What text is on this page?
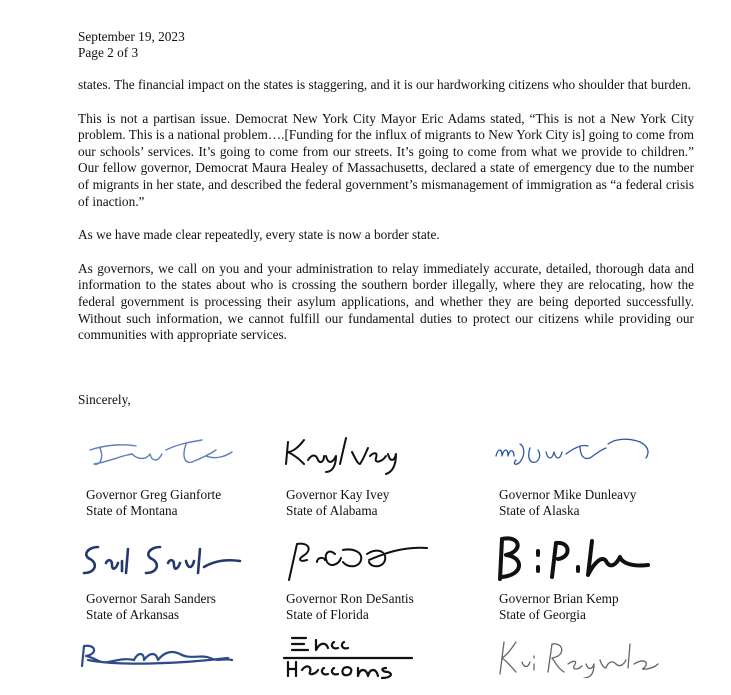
September 19, 2023
Page 2 of 3

states. The financial impact on the states is staggering, and it is our hardworking citizens who shoulder that burden.

This is not a partisan issue. Democrat New York City Mayor Eric Adams stated, “This is not a New York City problem. This is a national problem….[Funding for the influx of migrants to New York City is] going to come from our schools’ services. It’s going to come from our streets. It’s going to come from what we provide to children.” Our fellow governor, Democrat Maura Healey of Massachusetts, declared a state of emergency due to the number of migrants in her state, and described the federal government’s mismanagement of immigration as “a federal crisis of inaction.”

As we have made clear repeatedly, every state is now a border state.

As governors, we call on you and your administration to relay immediately accurate, detailed, thorough data and information to the states about who is crossing the southern border illegally, where they are relocating, how the federal government is processing their asylum applications, and whether they are being deported successfully. Without such information, we cannot fulfill our fundamental duties to protect our citizens while providing our communities with appropriate services.

Sincerely,
Governor Greg Gianforte
State of Montana
Governor Kay Ivey
State of Alabama
Governor Mike Dunleavy
State of Alaska
Governor Sarah Sanders
State of Arkansas
Governor Ron DeSantis
State of Florida
Governor Brian Kemp
State of Georgia
